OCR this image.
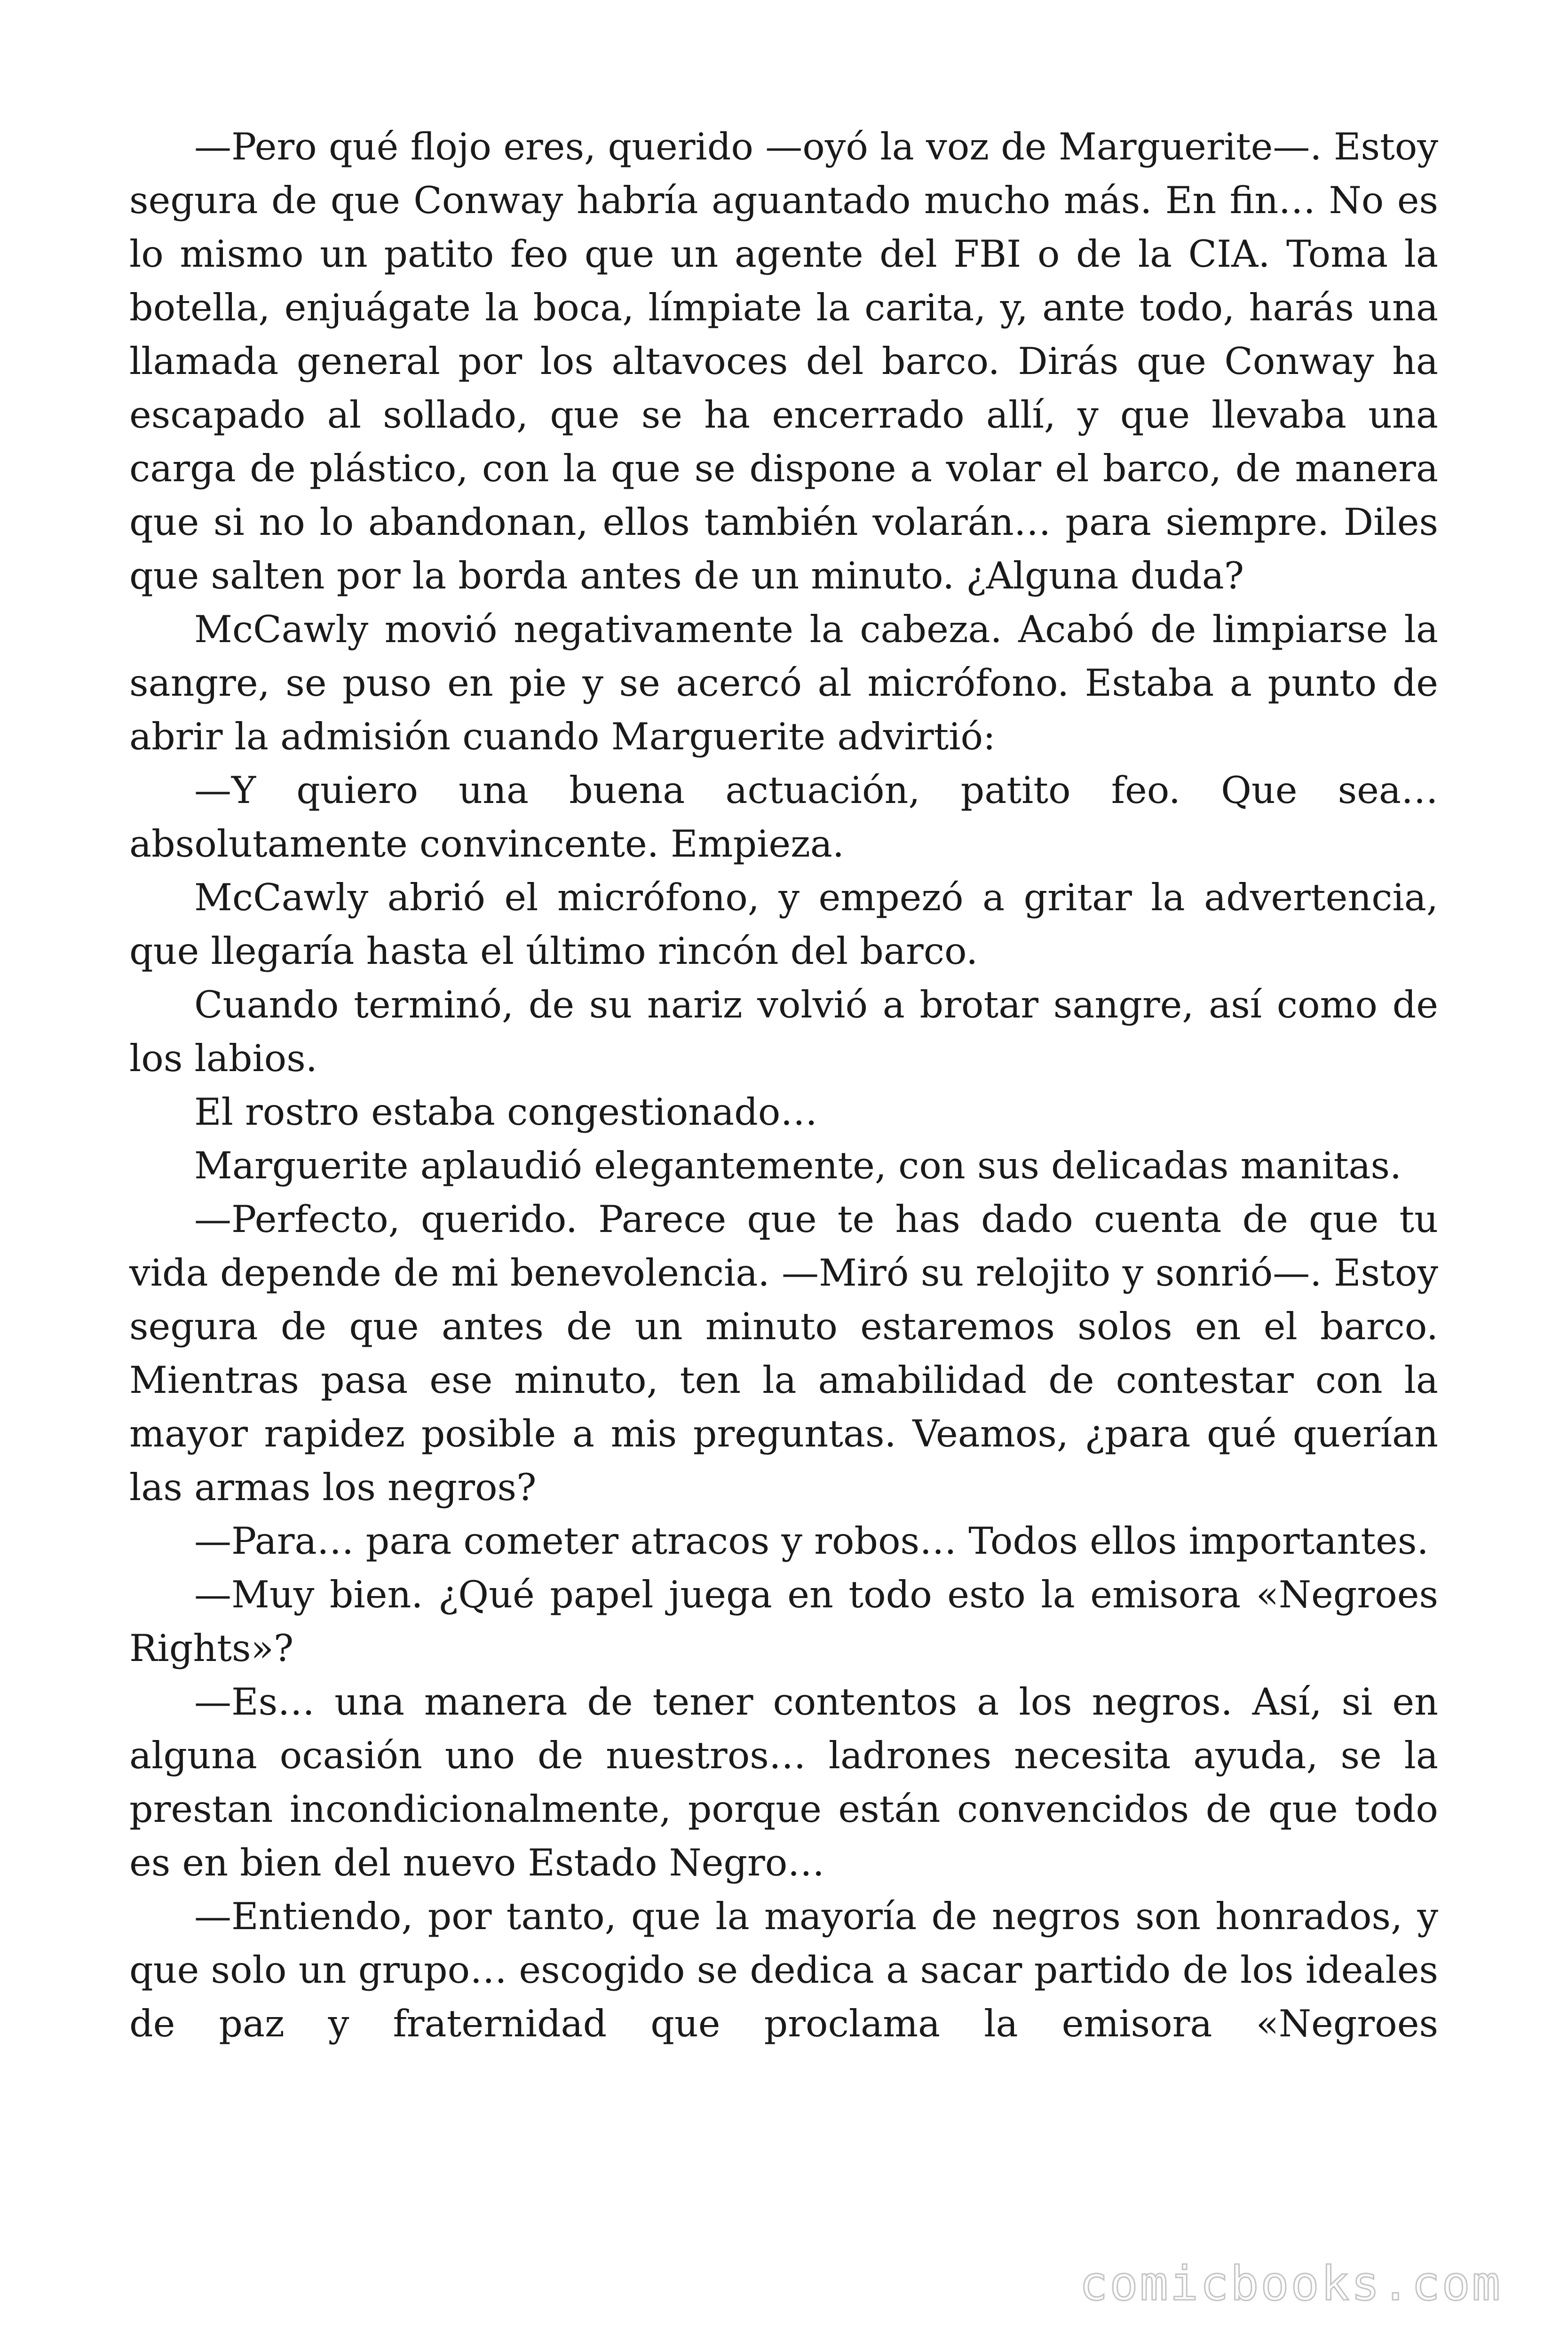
—Pero qué flojo eres, querido —oyó la voz de Marguerite—. Estoy segura de que Conway habría aguantado mucho más. En fin… No es lo mismo un patito feo que un agente del FBI o de la CIA. Toma la botella, enjuágate la boca, límpiate la carita, y, ante todo, harás una llamada general por los altavoces del barco. Dirás que Conway ha escapado al sollado, que se ha encerrado allí, y que llevaba una carga de plástico, con la que se dispone a volar el barco, de manera que si no lo abandonan, ellos también volarán… para siempre. Diles que salten por la borda antes de un minuto. ¿Alguna duda?

McCawly movió negativamente la cabeza. Acabó de limpiarse la sangre, se puso en pie y se acercó al micrófono. Estaba a punto de abrir la admisión cuando Marguerite advirtió:

—Y quiero una buena actuación, patito feo. Que sea… absolutamente convincente. Empieza.

McCawly abrió el micrófono, y empezó a gritar la advertencia, que llegaría hasta el último rincón del barco.

Cuando terminó, de su nariz volvió a brotar sangre, así como de los labios.

El rostro estaba congestionado…

Marguerite aplaudió elegantemente, con sus delicadas manitas.

—Perfecto, querido. Parece que te has dado cuenta de que tu vida depende de mi benevolencia. —Miró su relojito y sonrió—. Estoy segura de que antes de un minuto estaremos solos en el barco. Mientras pasa ese minuto, ten la amabilidad de contestar con la mayor rapidez posible a mis preguntas. Veamos, ¿para qué querían las armas los negros?

—Para… para cometer atracos y robos… Todos ellos importantes.

—Muy bien. ¿Qué papel juega en todo esto la emisora «Negroes Rights»?

—Es… una manera de tener contentos a los negros. Así, si en alguna ocasión uno de nuestros… ladrones necesita ayuda, se la prestan incondicionalmente, porque están convencidos de que todo es en bien del nuevo Estado Negro…

—Entiendo, por tanto, que la mayoría de negros son honrados, y que solo un grupo… escogido se dedica a sacar partido de los ideales de paz y fraternidad que proclama la emisora «Negroes

comicbooks.com
